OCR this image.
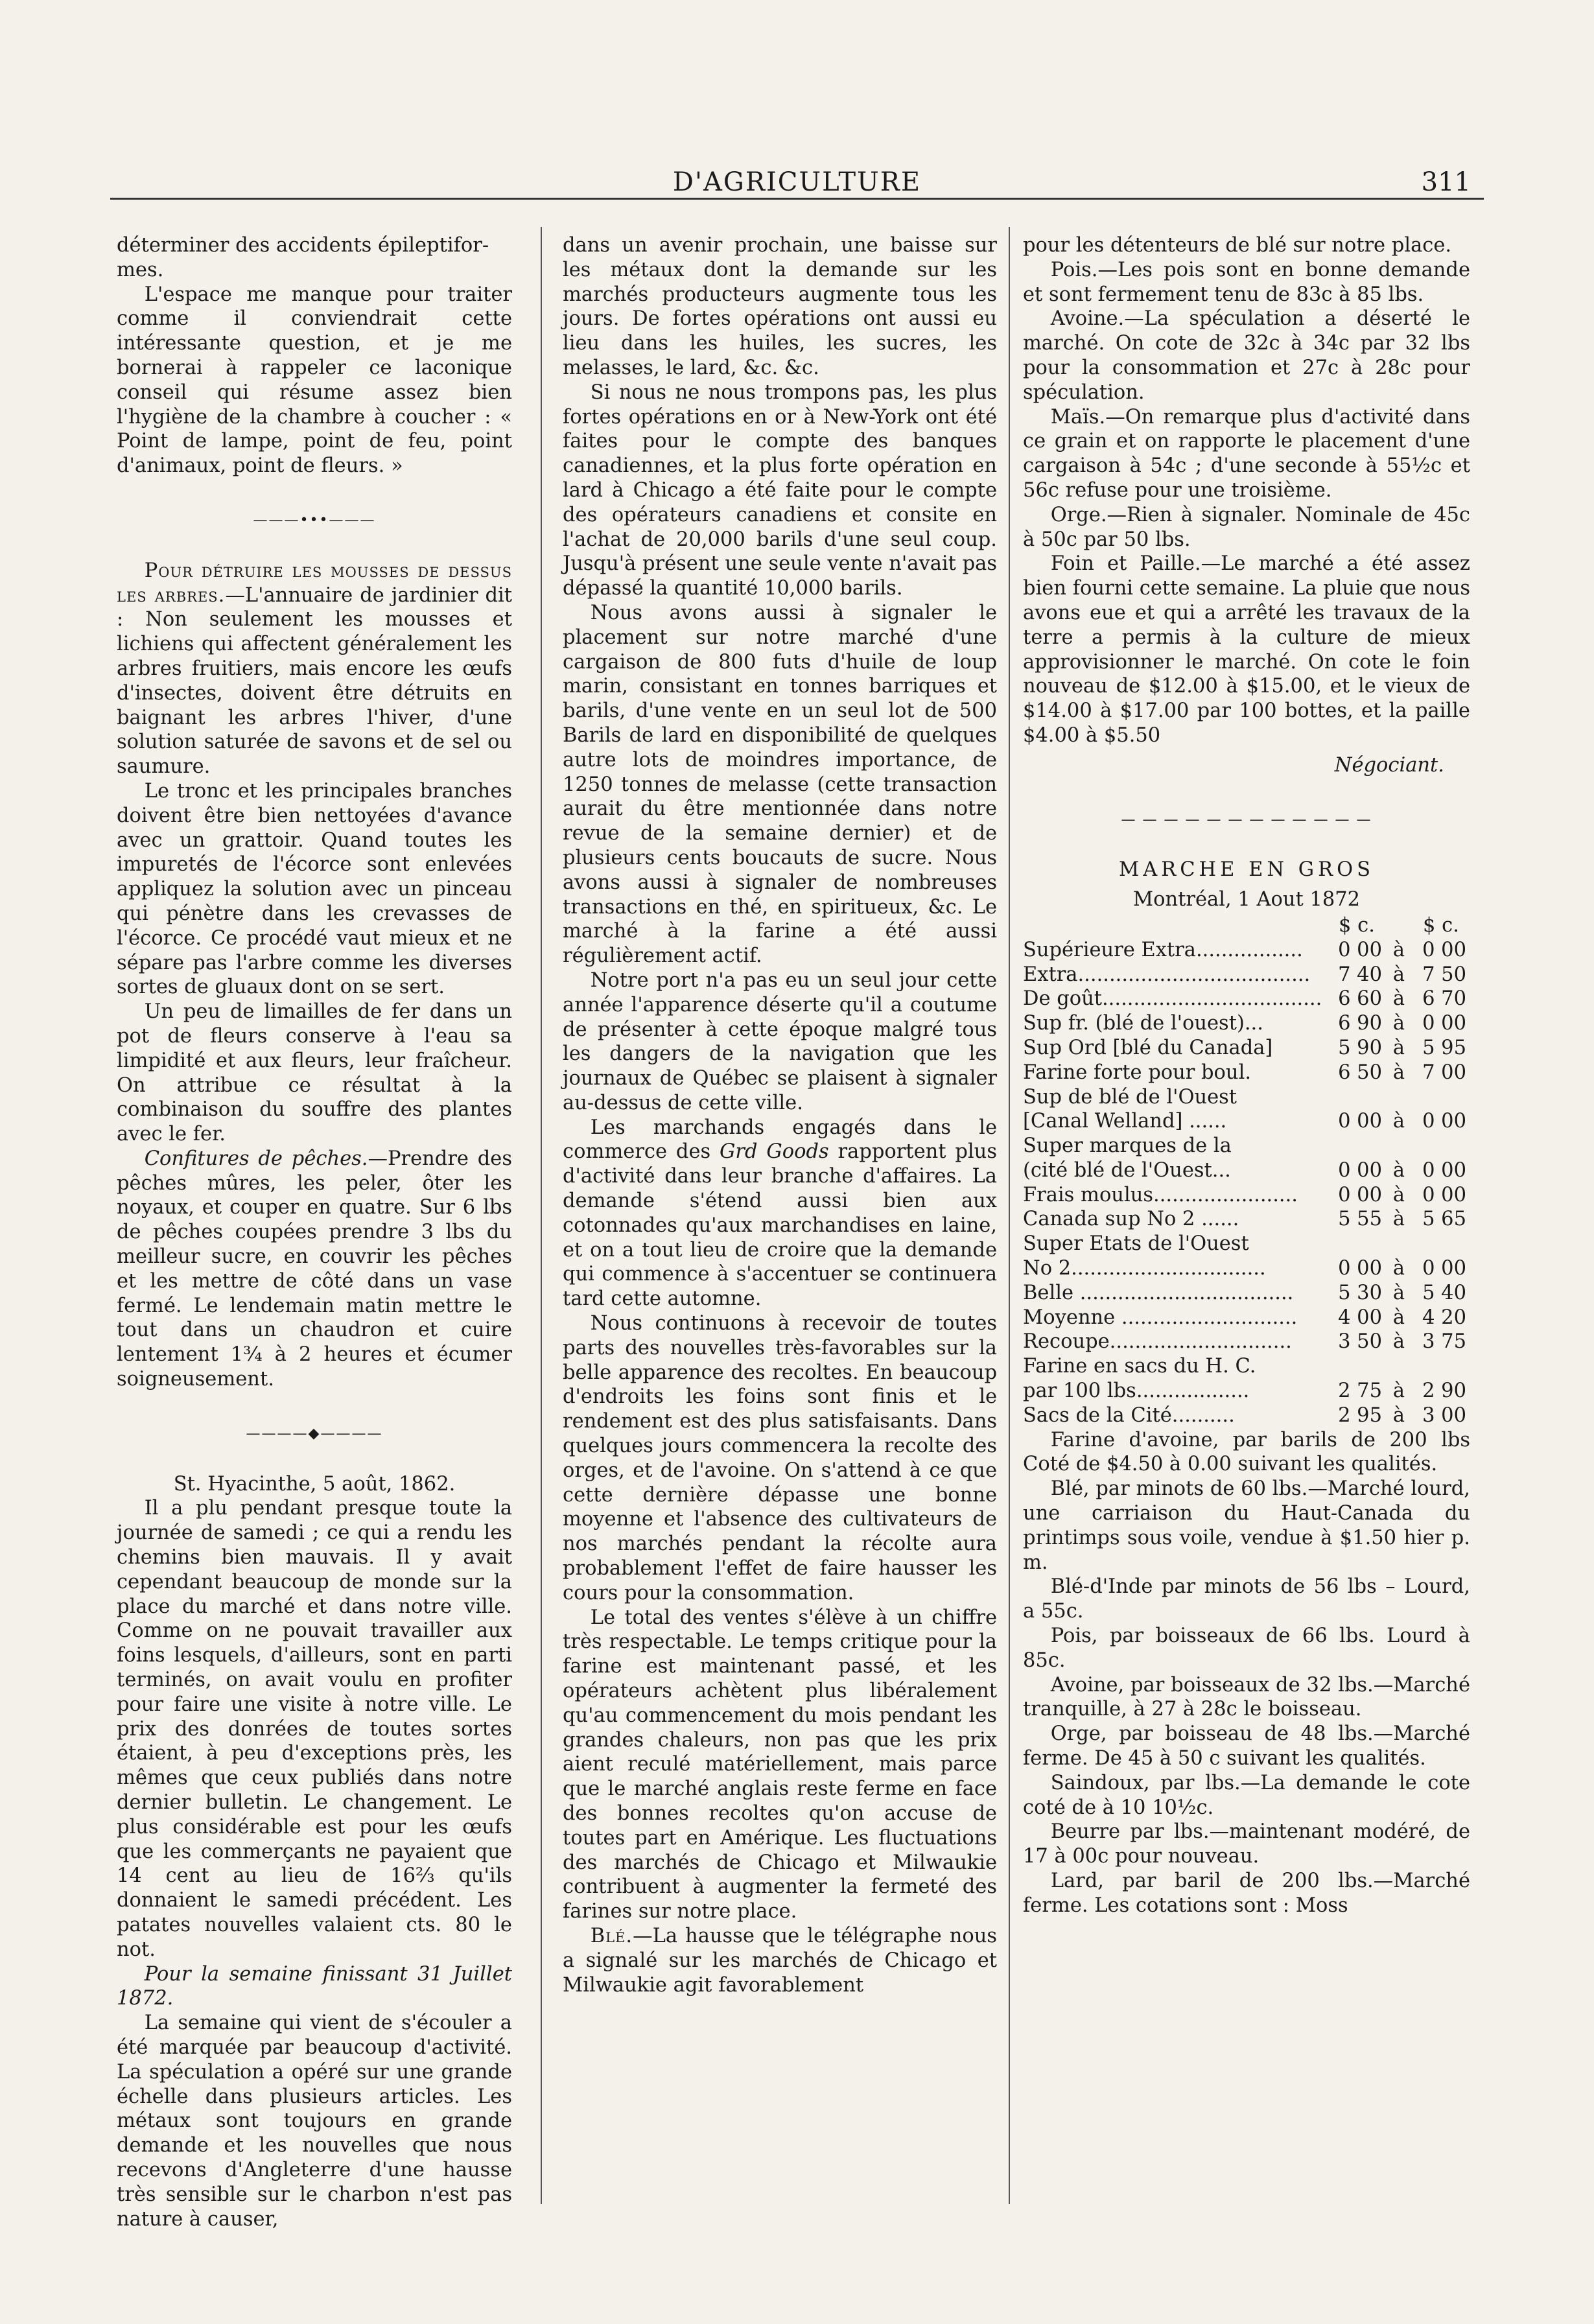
D'AGRICULTURE	311

déterminer des accidents épileptifor-

mes.

L'espace me manque pour traiter comme il conviendrait cette intéressante question, et je me bornerai à rappeler ce laconique conseil qui résume assez bien l'hygiène de la chambre à coucher : « Point de lampe, point de feu, point d'animaux, point de fleurs. »

———•••———

Pour détruire les mousses de dessus les arbres.—L'annuaire de jardinier dit : Non seulement les mousses et lichiens qui affectent généralement les arbres fruitiers, mais encore les œufs d'insectes, doivent être détruits en baignant les arbres l'hiver, d'une solution saturée de savons et de sel ou saumure.

Le tronc et les principales branches doivent être bien nettoyées d'avance avec un grattoir. Quand toutes les impuretés de l'écorce sont enlevées appliquez la solution avec un pinceau qui pénètre dans les crevasses de l'écorce. Ce procédé vaut mieux et ne sépare pas l'arbre comme les diverses sortes de gluaux dont on se sert.

Un peu de limailles de fer dans un pot de fleurs conserve à l'eau sa limpidité et aux fleurs, leur fraîcheur. On attribue ce résultat à la combinaison du souffre des plantes avec le fer.

Confitures de pêches.—Prendre des pêches mûres, les peler, ôter les noyaux, et couper en quatre. Sur 6 lbs de pêches coupées prendre 3 lbs du meilleur sucre, en couvrir les pêches et les mettre de côté dans un vase fermé. Le lendemain matin mettre le tout dans un chaudron et cuire lentement 1¾ à 2 heures et écumer soigneusement.

————◆————

St. Hyacinthe, 5 août, 1862.

Il a plu pendant presque toute la journée de samedi ; ce qui a rendu les chemins bien mauvais. Il y avait cependant beaucoup de monde sur la place du marché et dans notre ville. Comme on ne pouvait travailler aux foins lesquels, d'ailleurs, sont en parti terminés, on avait voulu en profiter pour faire une visite à notre ville. Le prix des donrées de toutes sortes étaient, à peu d'exceptions près, les mêmes que ceux publiés dans notre dernier bulletin. Le changement. Le plus considérable est pour les œufs que les commerçants ne payaient que 14 cent au lieu de 16⅔ qu'ils donnaient le samedi précédent. Les patates nouvelles valaient cts. 80 le not.

Pour la semaine finissant 31 Juillet 1872.

La semaine qui vient de s'écouler a été marquée par beaucoup d'activité. La spéculation a opéré sur une grande échelle dans plusieurs articles. Les métaux sont toujours en grande demande et les nouvelles que nous recevons d'Angleterre d'une hausse très sensible sur le charbon n'est pas nature à causer,

dans un avenir prochain, une baisse sur les métaux dont la demande sur les marchés producteurs augmente tous les jours. De fortes opérations ont aussi eu lieu dans les huiles, les sucres, les melasses, le lard, &c. &c.

Si nous ne nous trompons pas, les plus fortes opérations en or à New-York ont été faites pour le compte des banques canadiennes, et la plus forte opération en lard à Chicago a été faite pour le compte des opérateurs canadiens et consite en l'achat de 20,000 barils d'une seul coup. Jusqu'à présent une seule vente n'avait pas dépassé la quantité 10,000 barils.

Nous avons aussi à signaler le placement sur notre marché d'une cargaison de 800 futs d'huile de loup marin, consistant en tonnes barriques et barils, d'une vente en un seul lot de 500 Barils de lard en disponibilité de quelques autre lots de moindres importance, de 1250 tonnes de melasse (cette transaction aurait du être mentionnée dans notre revue de la semaine dernier) et de plusieurs cents boucauts de sucre. Nous avons aussi à signaler de nombreuses transactions en thé, en spiritueux, &c. Le marché à la farine a été aussi régulièrement actif.

Notre port n'a pas eu un seul jour cette année l'apparence déserte qu'il a coutume de présenter à cette époque malgré tous les dangers de la navigation que les journaux de Québec se plaisent à signaler au-dessus de cette ville.

Les marchands engagés dans le commerce des Grd Goods rapportent plus d'activité dans leur branche d'affaires. La demande s'étend aussi bien aux cotonnades qu'aux marchandises en laine, et on a tout lieu de croire que la demande qui commence à s'accentuer se continuera tard cette automne.

Nous continuons à recevoir de toutes parts des nouvelles très-favorables sur la belle apparence des recoltes. En beaucoup d'endroits les foins sont finis et le rendement est des plus satisfaisants. Dans quelques jours commencera la recolte des orges, et de l'avoine. On s'attend à ce que cette dernière dépasse une bonne moyenne et l'absence des cultivateurs de nos marchés pendant la récolte aura probablement l'effet de faire hausser les cours pour la consommation.

Le total des ventes s'élève à un chiffre très respectable. Le temps critique pour la farine est maintenant passé, et les opérateurs achètent plus libéralement qu'au commencement du mois pendant les grandes chaleurs, non pas que les prix aient reculé matériellement, mais parce que le marché anglais reste ferme en face des bonnes recoltes qu'on accuse de toutes part en Amérique. Les fluctuations des marchés de Chicago et Milwaukie contribuent à augmenter la fermeté des farines sur notre place.

Blé.—La hausse que le télégraphe nous a signalé sur les marchés de Chicago et Milwaukie agit favorablement

pour les détenteurs de blé sur notre place.

Pois.—Les pois sont en bonne demande et sont fermement tenu de 83c à 85 lbs.

Avoine.—La spéculation a déserté le marché. On cote de 32c à 34c par 32 lbs pour la consommation et 27c à 28c pour spéculation.

Maïs.—On remarque plus d'activité dans ce grain et on rapporte le placement d'une cargaison à 54c ; d'une seconde à 55½c et 56c refuse pour une troisième.

Orge.—Rien à signaler. Nominale de 45c à 50c par 50 lbs.

Foin et Paille.—Le marché a été assez bien fourni cette semaine. La pluie que nous avons eue et qui a arrêté les travaux de la terre a permis à la culture de mieux approvisionner le marché. On cote le foin nouveau de $12.00 à $15.00, et le vieux de $14.00 à $17.00 par 100 bottes, et la paille $4.00 à $5.50

Négociant.

— — — — — — — — — — — —

MARCHE EN GROS

Montréal, 1 Aout 1872

$ c.	$ c.
Supérieure Extra.................	0 00 à 0 00
Extra.....................................	7 40 à 7 50
De goût................................... 6 60 à 6 70
Sup fr. (blé de l'ouest)...	6 90 à 0 00
Sup Ord [blé du Canada]	5 90 à 5 95
Farine forte pour boul.	6 50 à 7 00
Sup de blé de l'Ouest
[Canal Welland] ......	0 00 à 0 00
Super marques de la
(cité blé de l'Ouest...	0 00 à 0 00
Frais moulus.......................	0 00 à 0 00
Canada sup No 2 ......	5 55 à 5 65
Super Etats de l'Ouest
No 2...............................	0 00 à 0 00
Belle ..................................	5 30 à 5 40
Moyenne ............................	4 00 à 4 20
Recoupe.............................	3 50 à 3 75
Farine en sacs du H. C.
par 100 lbs..................	2 75 à 2 90
Sacs de la Cité..........	2 95 à 3 00

Farine d'avoine, par barils de 200 lbs Coté de $4.50 à 0.00 suivant les qualités.

Blé, par minots de 60 lbs.—Marché lourd, une carriaison du Haut-Canada du printimps sous voile, vendue à $1.50 hier p. m.

Blé-d'Inde par minots de 56 lbs – Lourd, a 55c.

Pois, par boisseaux de 66 lbs. Lourd à 85c.

Avoine, par boisseaux de 32 lbs.—Marché tranquille, à 27 à 28c le boisseau.

Orge, par boisseau de 48 lbs.—Marché ferme. De 45 à 50 c suivant les qualités.

Saindoux, par lbs.—La demande le cote coté de à 10 10½c.

Beurre par lbs.—maintenant modéré, de 17 à 00c pour nouveau.

Lard, par baril de 200 lbs.—Marché ferme. Les cotations sont : Moss
